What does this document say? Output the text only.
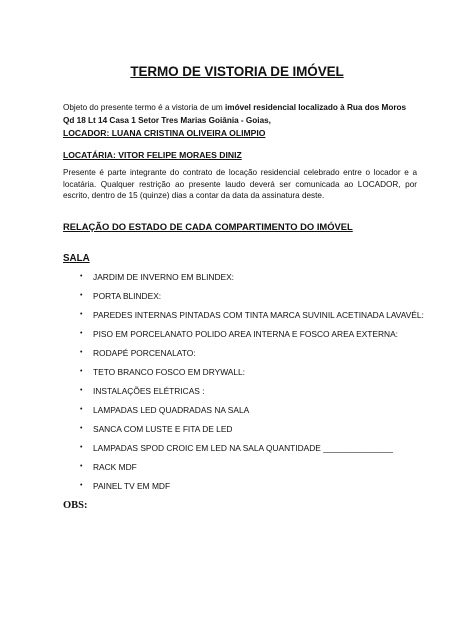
TERMO DE VISTORIA DE IMÓVEL
Objeto do presente termo é a vistoria de um imóvel residencial localizado à Rua dos Moros Qd 18 Lt 14 Casa 1 Setor Tres Marias Goiânia - Goias,
LOCADOR: LUANA CRISTINA OLIVEIRA OLIMPIO
LOCATÁRIA: VITOR FELIPE MORAES DINIZ
Presente é parte integrante do contrato de locação residencial celebrado entre o locador e a locatária. Qualquer restrição ao presente laudo deverá ser comunicada ao LOCADOR, por escrito, dentro de 15 (quinze) dias a contar da data da assinatura deste.
RELAÇÃO DO ESTADO DE CADA COMPARTIMENTO DO IMÓVEL
SALA
•	JARDIM DE INVERNO EM BLINDEX:
•	PORTA BLINDEX:
•	PAREDES INTERNAS PINTADAS COM TINTA MARCA SUVINIL ACETINADA LAVAVÉL:
•	PISO EM PORCELANATO POLIDO AREA INTERNA E FOSCO AREA EXTERNA:
•	RODAPÉ PORCENALATO:
•	TETO BRANCO FOSCO EM DRYWALL:
•	INSTALAÇÕES ELÉTRICAS :
•	LAMPADAS LED QUADRADAS NA SALA
•	SANCA COM LUSTE E FITA DE LED
•	LAMPADAS SPOD CROIC EM LED NA SALA QUANTIDADE _______________
•	RACK MDF
•	PAINEL TV EM MDF
OBS:
